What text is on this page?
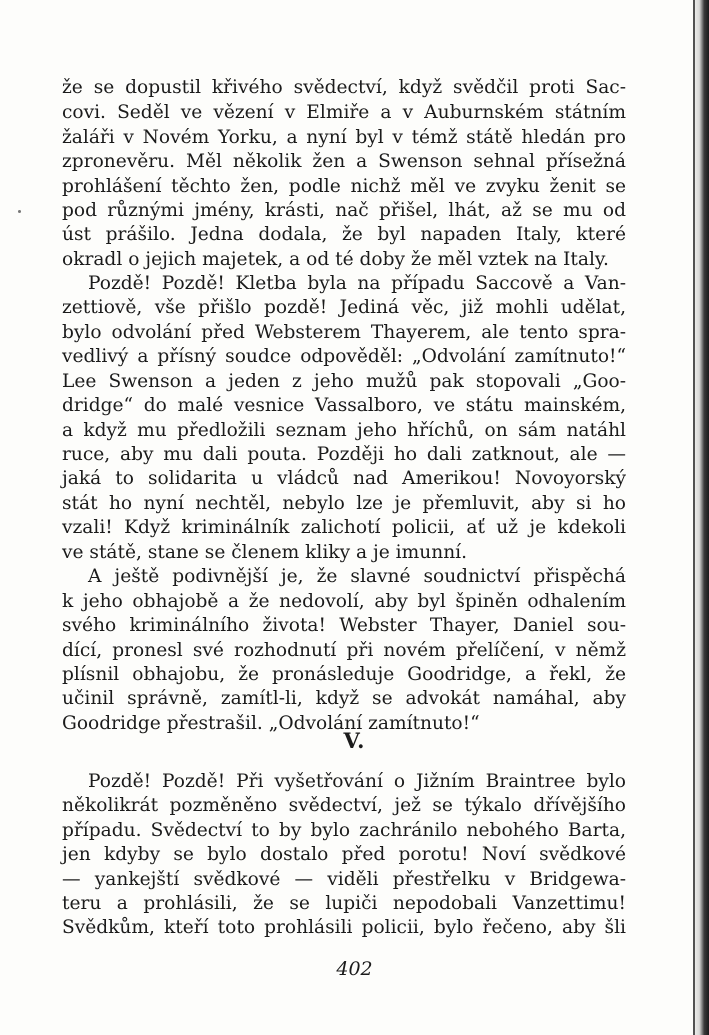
že se dopustil křivého svědectví, když svědčil proti Sac-
covi. Seděl ve vězení v Elmiře a v Auburnském státním
žaláři v Novém Yorku, a nyní byl v témž státě hledán pro
zpronevěru. Měl několik žen a Swenson sehnal přísežná
prohlášení těchto žen, podle nichž měl ve zvyku ženit se
pod různými jmény, krásti, nač přišel, lhát, až se mu od
úst prášilo. Jedna dodala, že byl napaden Italy, které
okradl o jejich majetek, a od té doby že měl vztek na Italy.
Pozdě! Pozdě! Kletba byla na případu Saccově a Van-
zettiově, vše přišlo pozdě! Jediná věc, již mohli udělat,
bylo odvolání před Websterem Thayerem, ale tento spra-
vedlivý a přísný soudce odpověděl: „Odvolání zamítnuto!“
Lee Swenson a jeden z jeho mužů pak stopovali „Goo-
dridge“ do malé vesnice Vassalboro, ve státu mainském,
a když mu předložili seznam jeho hříchů, on sám natáhl
ruce, aby mu dali pouta. Později ho dali zatknout, ale —
jaká to solidarita u vládců nad Amerikou! Novoyorský
stát ho nyní nechtěl, nebylo lze je přemluvit, aby si ho
vzali! Když kriminálník zalichotí policii, ať už je kdekoli
ve státě, stane se členem kliky a je imunní.
A ještě podivnější je, že slavné soudnictví přispěchá
k jeho obhajobě a že nedovolí, aby byl špiněn odhalením
svého kriminálního života! Webster Thayer, Daniel sou-
dící, pronesl své rozhodnutí při novém přelíčení, v němž
plísnil obhajobu, že pronásleduje Goodridge, a řekl, že
učinil správně, zamítl-li, když se advokát namáhal, aby
Goodridge přestrašil. „Odvolání zamítnuto!“
V.
Pozdě! Pozdě! Při vyšetřování o Jižním Braintree bylo
několikrát pozměněno svědectví, jež se týkalo dřívějšího
případu. Svědectví to by bylo zachránilo nebohého Barta,
jen kdyby se bylo dostalo před porotu! Noví svědkové
— yankejští svědkové — viděli přestřelku v Bridgewa-
teru a prohlásili, že se lupiči nepodobali Vanzettimu!
Svědkům, kteří toto prohlásili policii, bylo řečeno, aby šli
402
